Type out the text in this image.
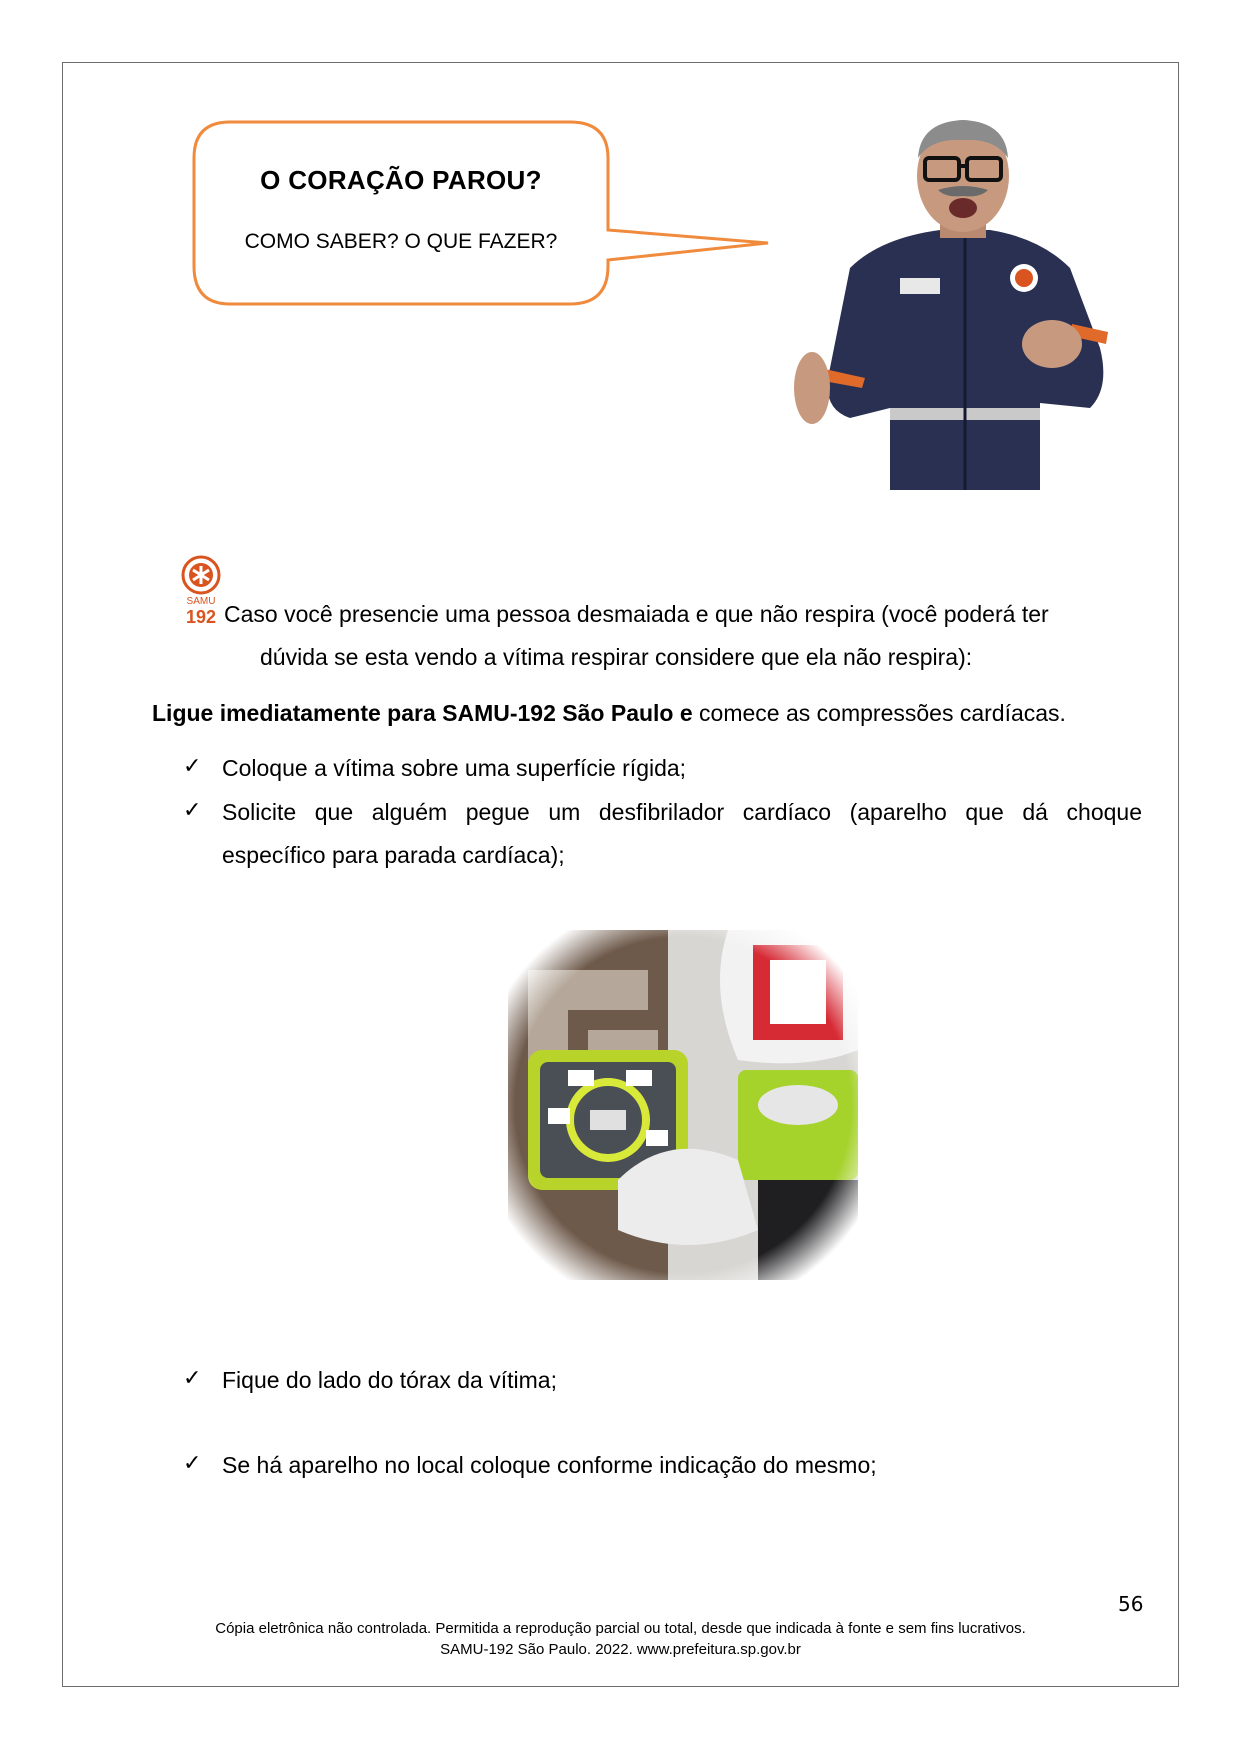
O CORAÇÃO PAROU?
COMO SABER? O QUE FAZER?
SAMU
192 Caso você presencie uma pessoa desmaiada e que não respira (você poderá ter
dúvida se esta vendo a vítima respirar considere que ela não respira):
Ligue imediatamente para SAMU-192 São Paulo e comece as compressões cardíacas.
✓ Coloque a vítima sobre uma superfície rígida;
✓ Solicite que alguém pegue um desfibrilador cardíaco (aparelho que dá choque
específico para parada cardíaca);
✓ Fique do lado do tórax da vítima;
✓ Se há aparelho no local coloque conforme indicação do mesmo;
56
Cópia eletrônica não controlada. Permitida a reprodução parcial ou total, desde que indicada à fonte e sem fins lucrativos.
SAMU-192 São Paulo. 2022. www.prefeitura.sp.gov.br
